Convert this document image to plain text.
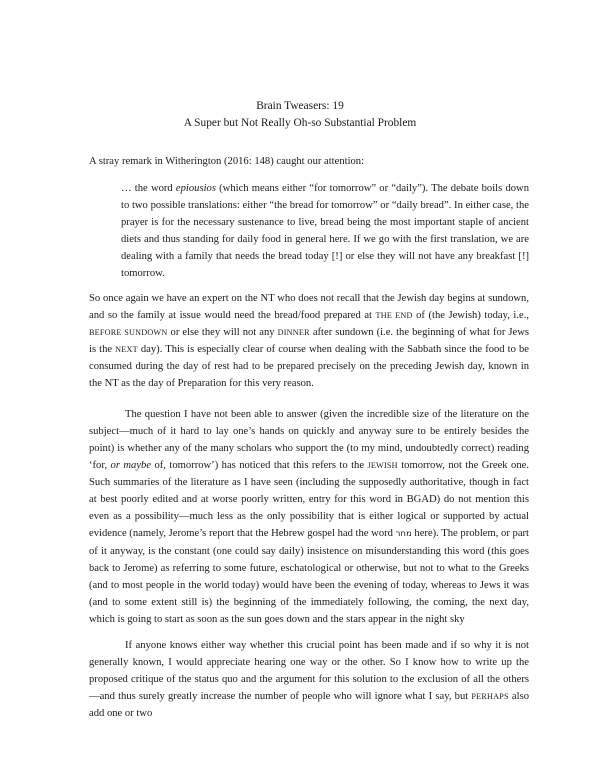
Brain Tweasers: 19
A Super but Not Really Oh-so Substantial Problem

A stray remark in Witherington (2016: 148) caught our attention:

… the word epiousios (which means either “for tomorrow” or “daily”). The debate boils down to two possible translations: either “the bread for tomorrow” or “daily bread”. In either case, the prayer is for the necessary sustenance to live, bread being the most important staple of ancient diets and thus standing for daily food in general here. If we go with the first translation, we are dealing with a family that needs the bread today [!] or else they will not have any breakfast [!] tomorrow.

So once again we have an expert on the NT who does not recall that the Jewish day begins at sundown, and so the family at issue would need the bread/food prepared at THE END of (the Jewish) today, i.e., BEFORE SUNDOWN or else they will not any DINNER after sundown (i.e. the beginning of what for Jews is the NEXT day). This is especially clear of course when dealing with the Sabbath since the food to be consumed during the day of rest had to be prepared precisely on the preceding Jewish day, known in the NT as the day of Preparation for this very reason.

The question I have not been able to answer (given the incredible size of the literature on the subject—much of it hard to lay one’s hands on quickly and anyway sure to be entirely besides the point) is whether any of the many scholars who support the (to my mind, undoubtedly correct) reading ‘for, or maybe of, tomorrow’) has noticed that this refers to the JEWISH tomorrow, not the Greek one. Such summaries of the literature as I have seen (including the supposedly authoritative, though in fact at best poorly edited and at worse poorly written, entry for this word in BGAD) do not mention this even as a possibility—much less as the only possibility that is either logical or supported by actual evidence (namely, Jerome’s report that the Hebrew gospel had the word מחר here). The problem, or part of it anyway, is the constant (one could say daily) insistence on misunderstanding this word (this goes back to Jerome) as referring to some future, eschatological or otherwise, but not to what to the Greeks (and to most people in the world today) would have been the evening of today, whereas to Jews it was (and to some extent still is) the beginning of the immediately following, the coming, the next day, which is going to start as soon as the sun goes down and the stars appear in the night sky

If anyone knows either way whether this crucial point has been made and if so why it is not generally known, I would appreciate hearing one way or the other. So I know how to write up the proposed critique of the status quo and the argument for this solution to the exclusion of all the others—and thus surely greatly increase the number of people who will ignore what I say, but PERHAPS also add one or two
